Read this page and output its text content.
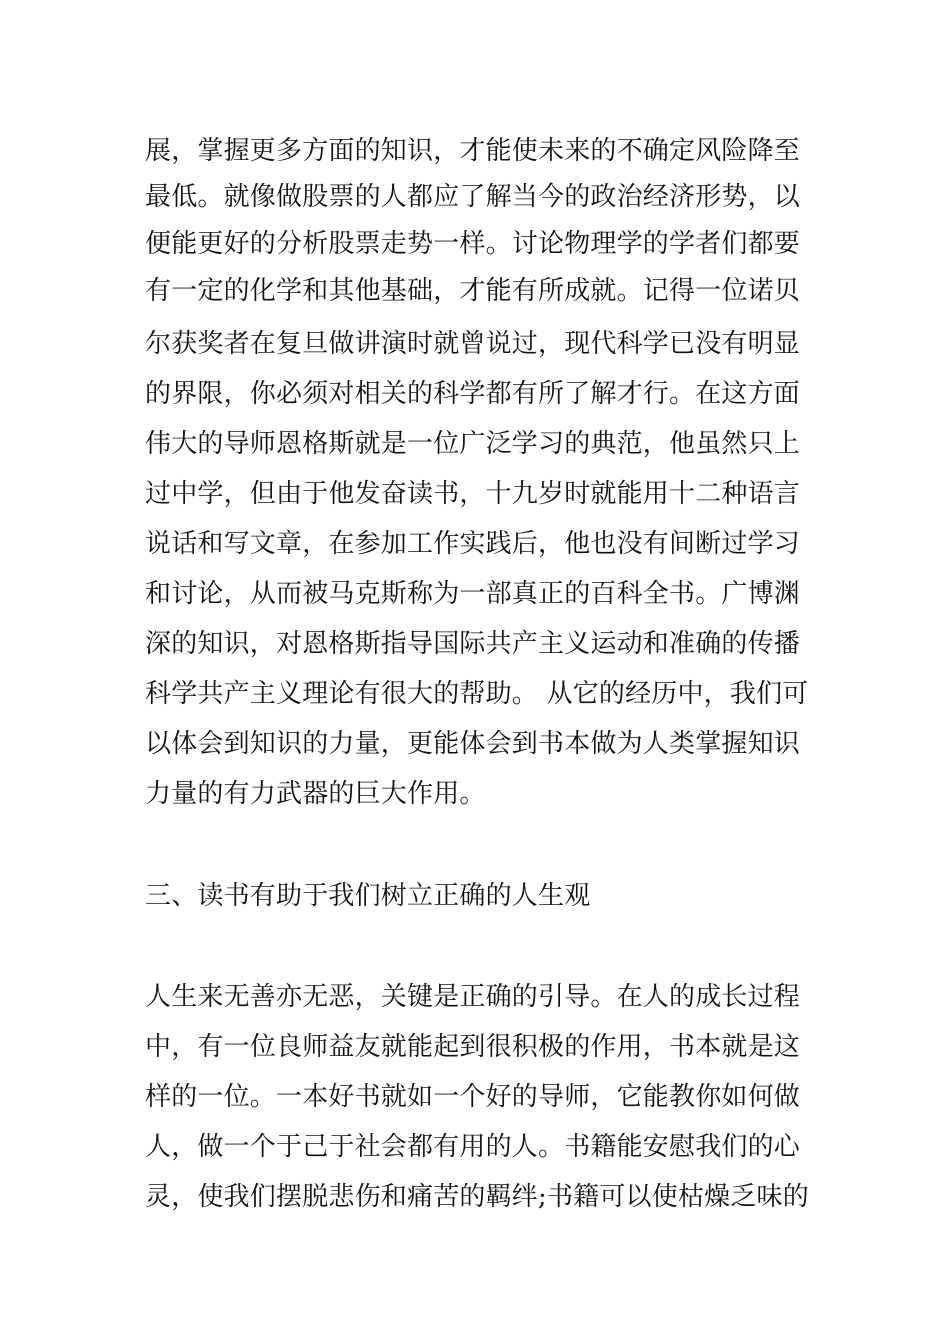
展，掌握更多方面的知识，才能使未来的不确定风险降至

最低。就像做股票的人都应了解当今的政治经济形势，以

便能更好的分析股票走势一样。讨论物理学的学者们都要

有一定的化学和其他基础，才能有所成就。记得一位诺贝

尔获奖者在复旦做讲演时就曾说过，现代科学已没有明显

的界限，你必须对相关的科学都有所了解才行。在这方面

伟大的导师恩格斯就是一位广泛学习的典范，他虽然只上

过中学，但由于他发奋读书，十九岁时就能用十二种语言

说话和写文章，在参加工作实践后，他也没有间断过学习

和讨论，从而被马克斯称为一部真正的百科全书。广博渊

深的知识，对恩格斯指导国际共产主义运动和准确的传播

科学共产主义理论有很大的帮助。 从它的经历中，我们可

以体会到知识的力量，更能体会到书本做为人类掌握知识

力量的有力武器的巨大作用。

三、读书有助于我们树立正确的人生观

人生来无善亦无恶，关键是正确的引导。在人的成长过程

中，有一位良师益友就能起到很积极的作用，书本就是这

样的一位。一本好书就如一个好的导师，它能教你如何做

人，做一个于己于社会都有用的人。书籍能安慰我们的心

灵，使我们摆脱悲伤和痛苦的羁绊;书籍可以使枯燥乏味的
